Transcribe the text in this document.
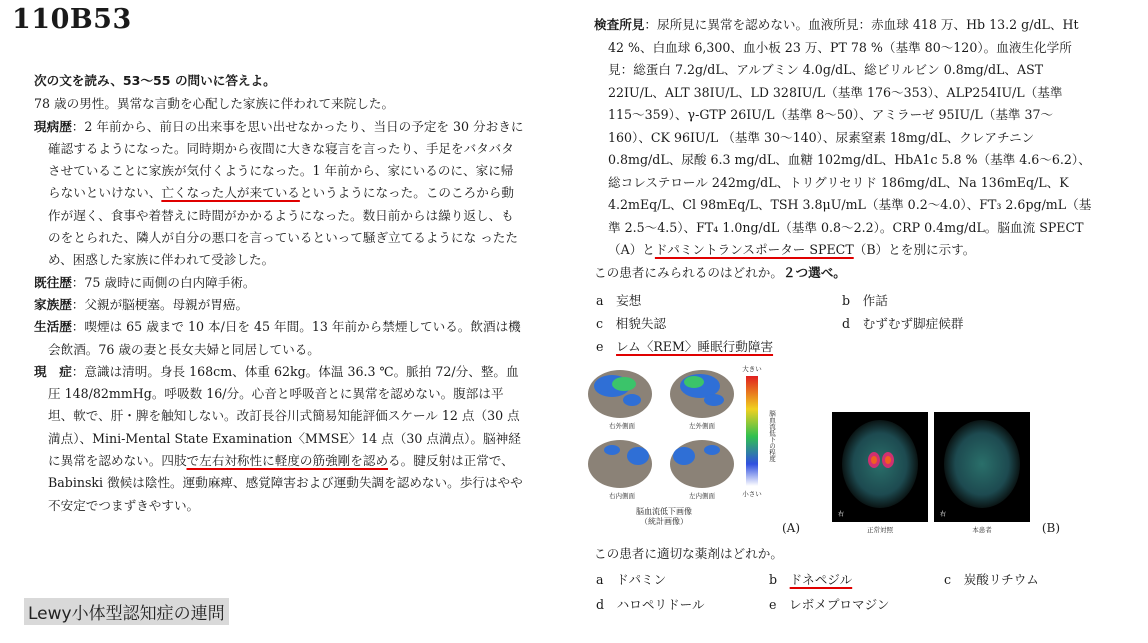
110B53

次の文を読み、53〜55 の問いに答えよ。

78 歳の男性。異常な言動を心配した家族に伴われて来院した。

現病歴：2 年前から、前日の出来事を思い出せなかったり、当日の予定を 30 分おきに確認するようになった。同時期から夜間に大きな寝言を言ったり、手足をバタバタさせていることに家族が気付くようになった。1 年前から、家にいるのに、家に帰らないといけない、亡くなった人が来ているというようになった。このころから動作が遅く、食事や着替えに時間がかかるようになった。数日前からは繰り返し、ものをとられた、隣人が自分の悪口を言っているといって騒ぎ立てるようにな ったため、困惑した家族に伴われて受診した。

既往歴：75 歳時に両側の白内障手術。

家族歴：父親が脳梗塞。母親が胃癌。

生活歴：喫煙は 65 歳まで 10 本/日を 45 年間。13 年前から禁煙している。飲酒は機会飲酒。76 歳の妻と長女夫婦と同居している。

現　症：意識は清明。身長 168cm、体重 62kg。体温 36.3 ℃。脈拍 72/分、整。血圧 148/82mmHg。呼吸数 16/分。心音と呼吸音とに異常を認めない。腹部は平坦、軟で、肝・脾を触知しない。改訂長谷川式簡易知能評価スケール 12 点（30 点満点）、Mini-Mental State Examination〈MMSE〉14 点（30 点満点）。脳神経に異常を認めない。四肢で左右対称性に軽度の筋強剛を認める。腱反射は正常で、Babinski 徴候は陰性。運動麻痺、感覚障害および運動失調を認めない。歩行はやや不安定でつまずきやすい。

Lewy小体型認知症の連問

検査所見：尿所見に異常を認めない。血液所見：赤血球 418 万、Hb 13.2 g/dL、Ht 42 %、白血球 6,300、血小板 23 万、PT 78 %（基準 80〜120）。血液生化学所見：総蛋白 7.2g/dL、アルブミン 4.0g/dL、総ビリルビン 0.8mg/dL、AST 22IU/L、ALT 38IU/L、LD 328IU/L（基準 176〜353）、ALP254IU/L（基準 115〜359）、γ-GTP 26IU/L（基準 8〜50）、アミラーゼ 95IU/L（基準 37〜160）、CK 96IU/L （基準 30〜140）、尿素窒素 18mg/dL、クレアチニン 0.8mg/dL、尿酸 6.3 mg/dL、血糖 102mg/dL、HbA1c 5.8 %（基準 4.6〜6.2）、総コレステロール 242mg/dL、トリグリセリド 186mg/dL、Na 136mEq/L、K 4.2mEq/L、Cl 98mEq/L、TSH 3.8μU/mL（基準 0.2〜4.0）、FT₃ 2.6pg/mL（基準 2.5〜4.5）、FT₄ 1.0ng/dL（基準 0.8〜2.2）。CRP 0.4mg/dL。脳血流 SPECT（A）とドパミントランスポーター SPECT（B）とを別に示す。

この患者にみられるのはどれか。２つ選べ。

a　 妄想	b　 作話
c　 相貌失認	d　 むずむず脚症候群
e　 レム〈REM〉睡眠行動障害
大きい
脳血流低下の程度
小さい
右外側面	左外側面
右内側面	左内側面
脳血流低下画像
（統計画像）	(A)
右	右
正常対照	本患者	(B)
この患者に適切な薬剤はどれか。
a　 ドパミン	b　 ドネペジル	c　 炭酸リチウム
d　 ハロペリドール	e　 レボメプロマジン
